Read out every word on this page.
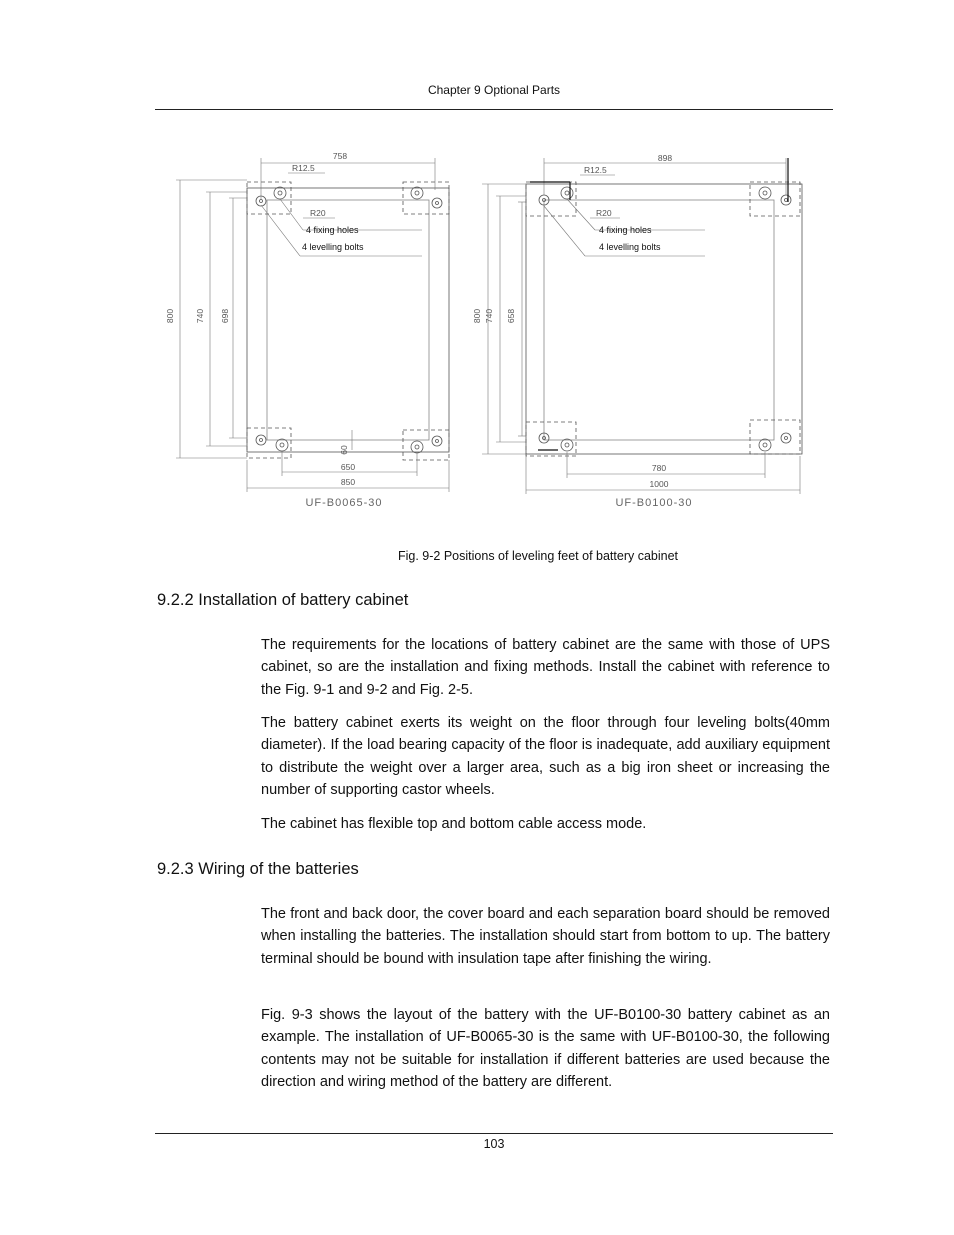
Chapter 9 Optional Parts
758
R12.5
R20
800 740 698
60
650
850
898
R12.5
R20
800 740 658
780
1000
4 fixing holes
4 levelling bolts
4 fixing holes
4 levelling bolts
UF-B0065-30	UF-B0100-30
Fig. 9-2 Positions of leveling feet of battery cabinet
9.2.2 Installation of battery cabinet

The requirements for the locations of battery cabinet are the same with those of UPS cabinet, so are the installation and fixing methods. Install the cabinet with reference to the Fig. 9-1 and 9-2 and Fig. 2-5.

The battery cabinet exerts its weight on the floor through four leveling bolts(40mm diameter). If the load bearing capacity of the floor is inadequate, add auxiliary equipment to distribute the weight over a larger area, such as a big iron sheet or increasing the number of supporting castor wheels.

The cabinet has flexible top and bottom cable access mode.

9.2.3 Wiring of the batteries

The front and back door, the cover board and each separation board should be removed when installing the batteries. The installation should start from bottom to up. The battery terminal should be bound with insulation tape after finishing the wiring.

Fig. 9-3 shows the layout of the battery with the UF-B0100-30 battery cabinet as an example. The installation of UF-B0065-30 is the same with UF-B0100-30, the following contents may not be suitable for installation if different batteries are used because the direction and wiring method of the battery are different.

103
